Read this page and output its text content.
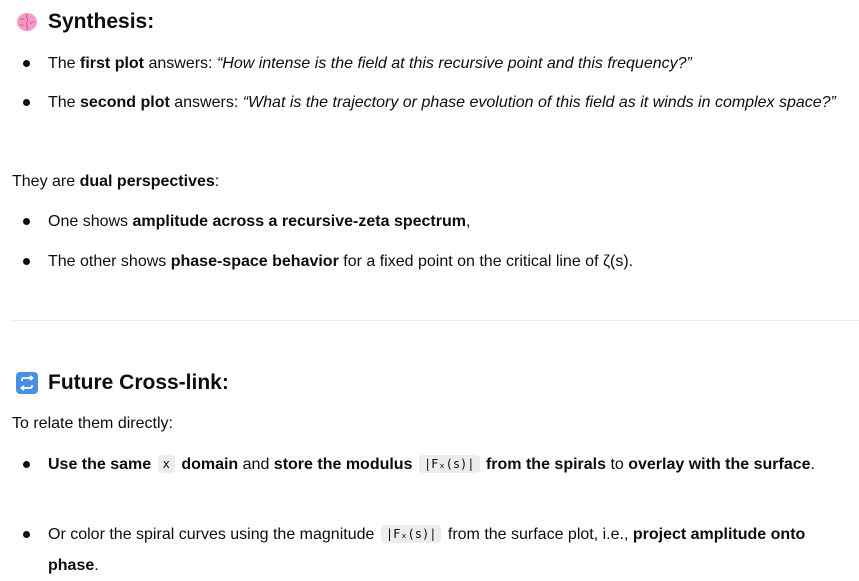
Synthesis:
The first plot answers: “How intense is the field at this recursive point and this frequency?”
The second plot answers: “What is the trajectory or phase evolution of this field as it winds in complex space?”
They are dual perspectives:
One shows amplitude across a recursive-zeta spectrum,
The other shows phase-space behavior for a fixed point on the critical line of ζ(s).
Future Cross-link:
To relate them directly:
Use the same x domain and store the modulus |Fₓ(s)| from the spirals to overlay with the surface.
Or color the spiral curves using the magnitude |Fₓ(s)| from the surface plot, i.e., project amplitude onto phase.
